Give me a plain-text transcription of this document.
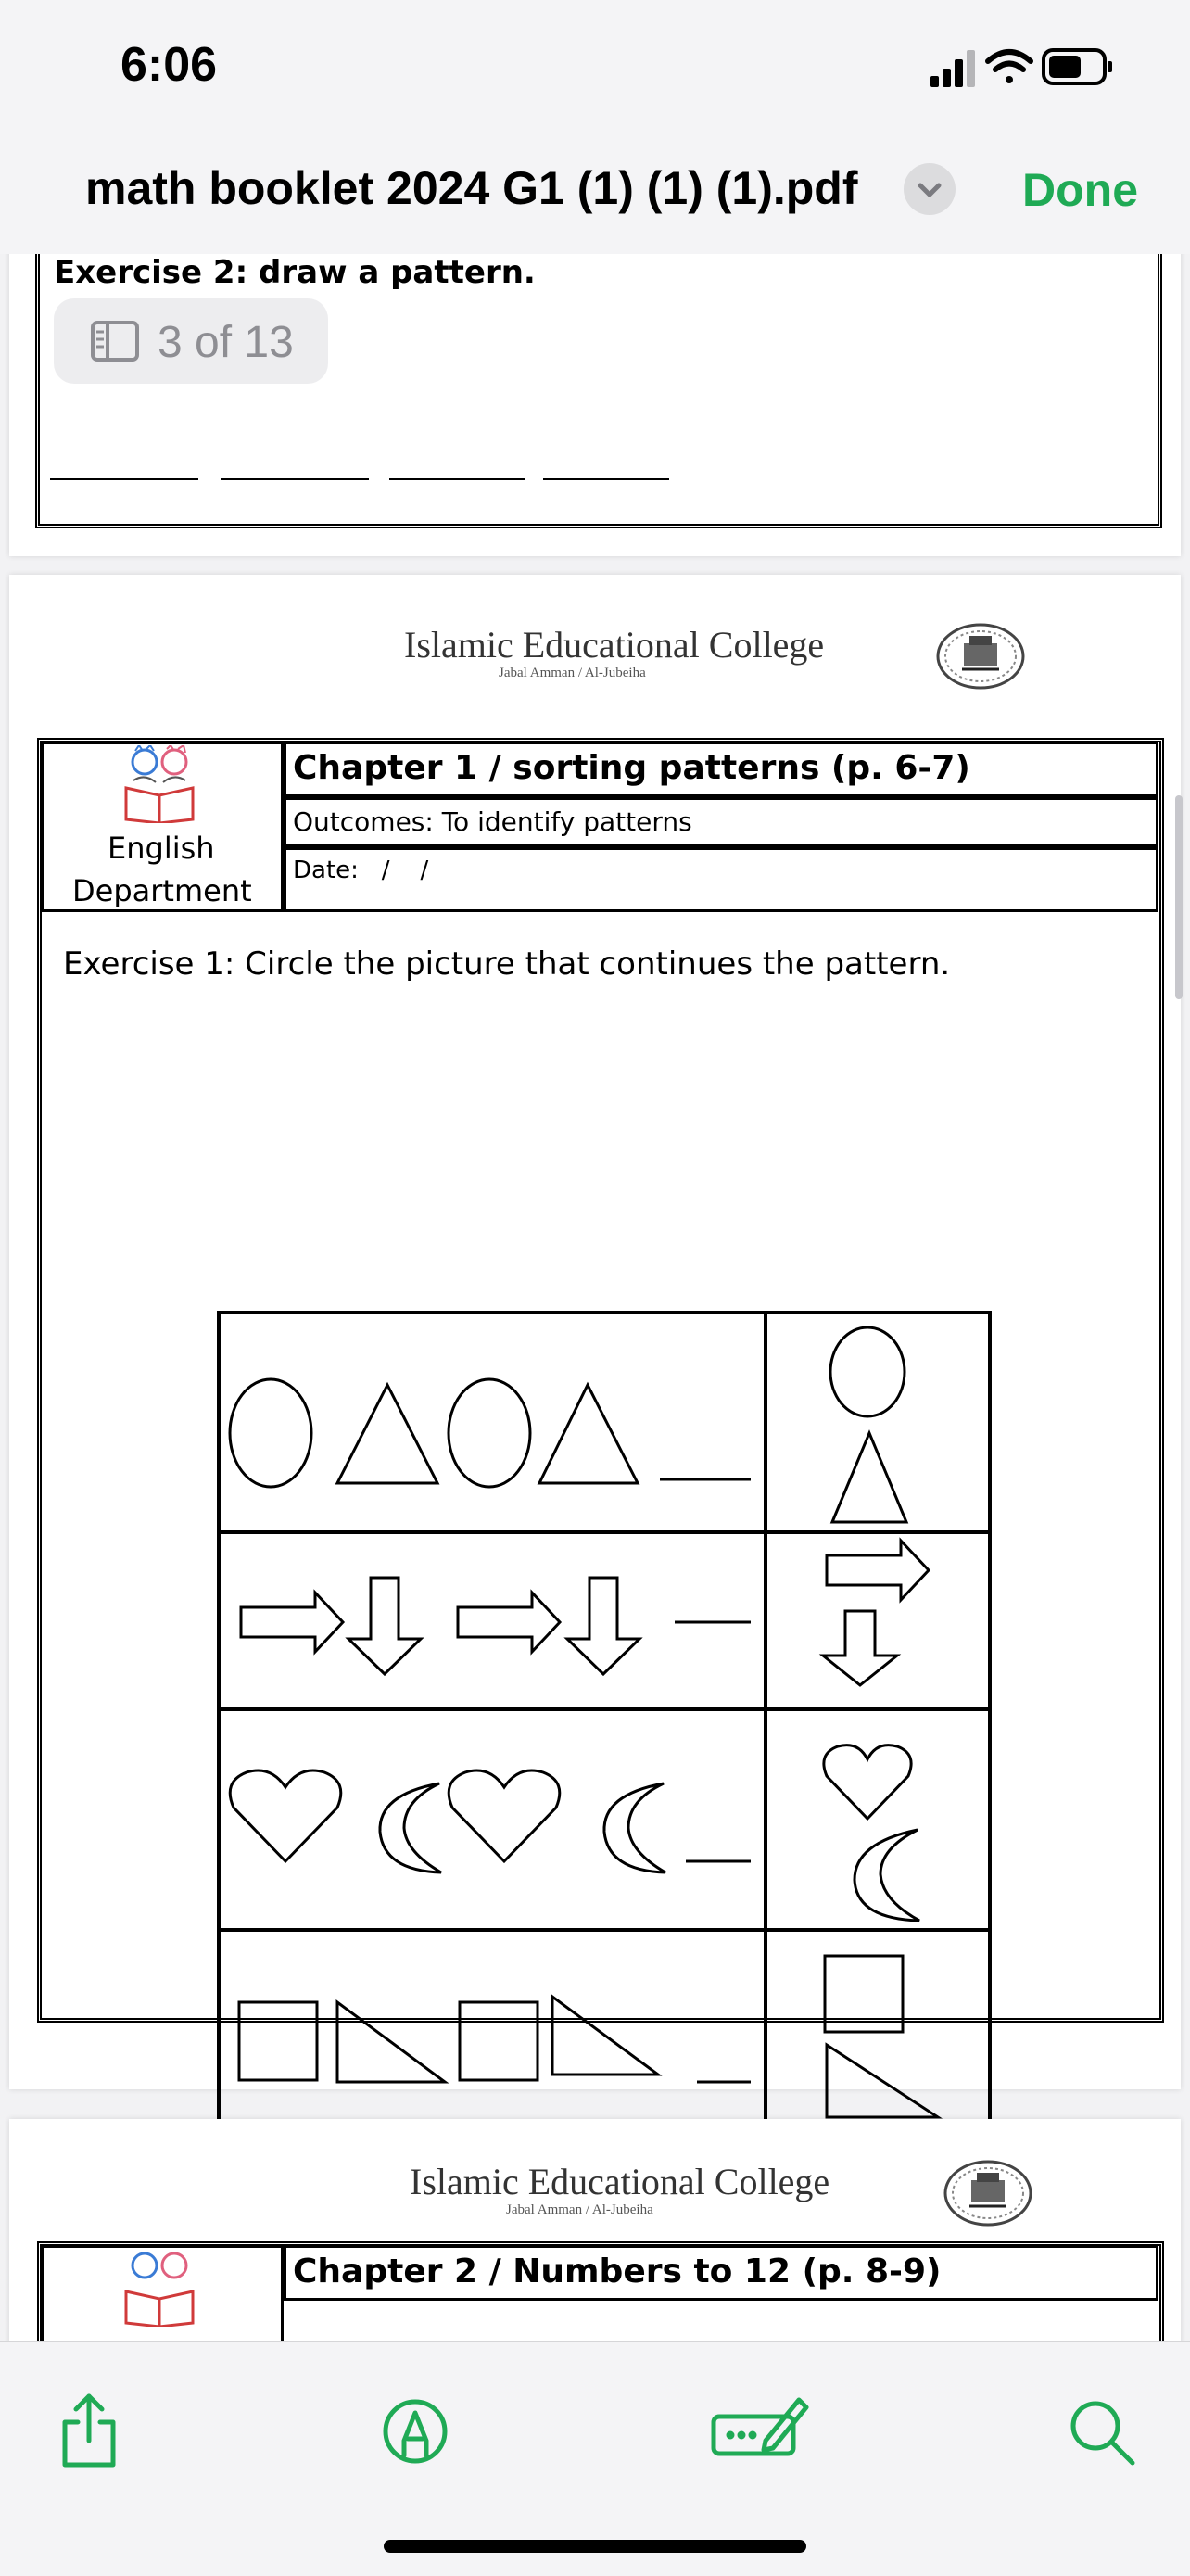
6:06
math booklet 2024 G1 (1) (1) (1).pdf	Done
Exercise 2: draw a pattern.
3 of 13
Islamic Educational College
Jabal Amman / Al-Jubeiha
English
Department
Chapter 1 / sorting patterns (p. 6-7)
Outcomes: To identify patterns
Date:   /    /
Exercise 1: Circle the picture that continues the pattern.
Islamic Educational College
Jabal Amman / Al-Jubeiha
Chapter 2 / Numbers to 12 (p. 8-9)
